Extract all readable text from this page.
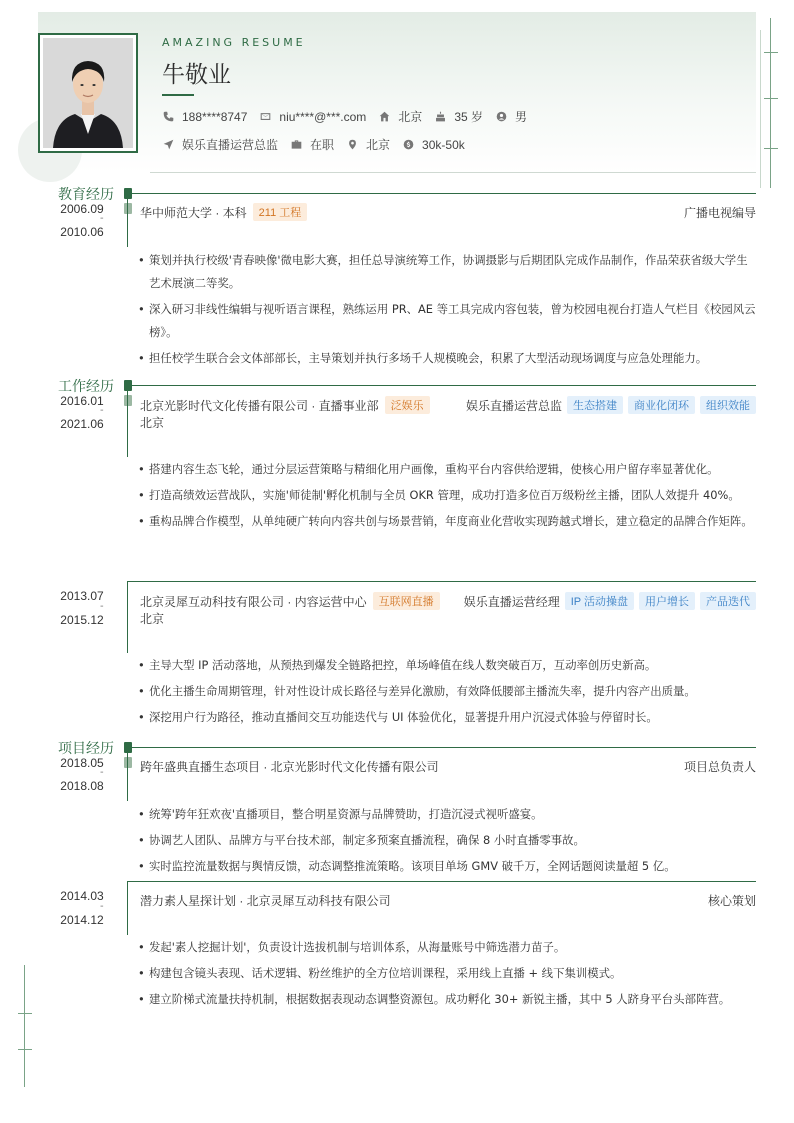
AMAZING RESUME
牛敬业
188****8747	niu****@***.com	北京	35 岁	男
娱乐直播运营总监	在职	北京	30k-50k
教育经历
2006.09
-
2010.06
华中师范大学 · 本科	211 工程	广播电视编导
• 策划并执行校级'青春映像'微电影大赛，担任总导演统筹工作，协调摄影与后期团队完成作品制作，作品荣获省级大学生艺术展演二等奖。
• 深入研习非线性编辑与视听语言课程，熟练运用 PR、AE 等工具完成内容包装，曾为校园电视台打造人气栏目《校园风云榜》。
• 担任校学生联合会文体部部长，主导策划并执行多场千人规模晚会，积累了大型活动现场调度与应急处理能力。
工作经历
2016.01
-
2021.06
北京光影时代文化传播有限公司 · 直播事业部	泛娱乐	娱乐直播运营总监	生态搭建	商业化闭环	组织效能
北京
• 搭建内容生态飞轮，通过分层运营策略与精细化用户画像，重构平台内容供给逻辑，使核心用户留存率显著优化。
• 打造高绩效运营战队，实施'师徒制'孵化机制与全员 OKR 管理，成功打造多位百万级粉丝主播，团队人效提升 40%。
• 重构品牌合作模型，从单纯硬广转向内容共创与场景营销，年度商业化营收实现跨越式增长，建立稳定的品牌合作矩阵。
2013.07
-
2015.12
北京灵犀互动科技有限公司 · 内容运营中心	互联网直播	娱乐直播运营经理	IP 活动操盘	用户增长	产品迭代
北京
• 主导大型 IP 活动落地，从预热到爆发全链路把控，单场峰值在线人数突破百万，互动率创历史新高。
• 优化主播生命周期管理，针对性设计成长路径与差异化激励，有效降低腰部主播流失率，提升内容产出质量。
• 深挖用户行为路径，推动直播间交互功能迭代与 UI 体验优化，显著提升用户沉浸式体验与停留时长。
项目经历
2018.05
-
2018.08
跨年盛典直播生态项目 · 北京光影时代文化传播有限公司	项目总负责人
• 统筹'跨年狂欢夜'直播项目，整合明星资源与品牌赞助，打造沉浸式视听盛宴。
• 协调艺人团队、品牌方与平台技术部，制定多预案直播流程，确保 8 小时直播零事故。
• 实时监控流量数据与舆情反馈，动态调整推流策略。该项目单场 GMV 破千万，全网话题阅读量超 5 亿。
2014.03
-
2014.12
潜力素人星探计划 · 北京灵犀互动科技有限公司	核心策划
• 发起'素人挖掘计划'，负责设计选拔机制与培训体系，从海量账号中筛选潜力苗子。
• 构建包含镜头表现、话术逻辑、粉丝维护的全方位培训课程，采用线上直播 + 线下集训模式。
• 建立阶梯式流量扶持机制，根据数据表现动态调整资源包。成功孵化 30+ 新锐主播，其中 5 人跻身平台头部阵营。
